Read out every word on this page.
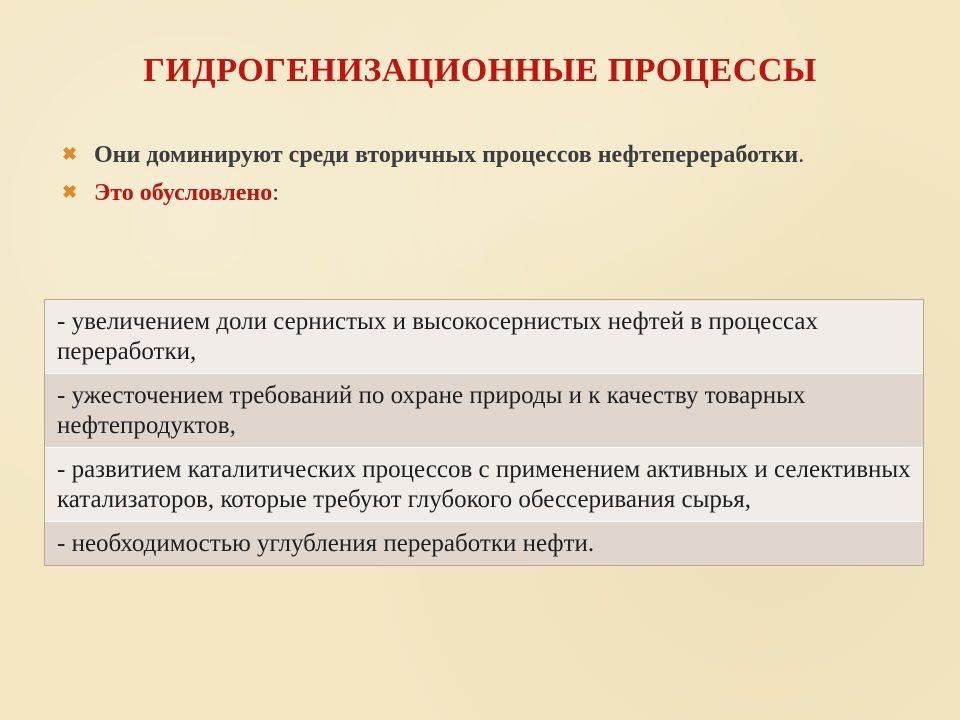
ГИДРОГЕНИЗАЦИОННЫЕ ПРОЦЕССЫ
✖ Они доминируют среди вторичных процессов нефтепереработки.
✖ Это обусловлено:
- увеличением доли сернистых и высокосернистых нефтей в процессах переработки,
- ужесточением требований по охране природы и к качеству товарных нефтепродуктов,
- развитием каталитических процессов с применением активных и селективных катализаторов, которые требуют глубокого обессеривания сырья,
- необходимостью углубления переработки нефти.
